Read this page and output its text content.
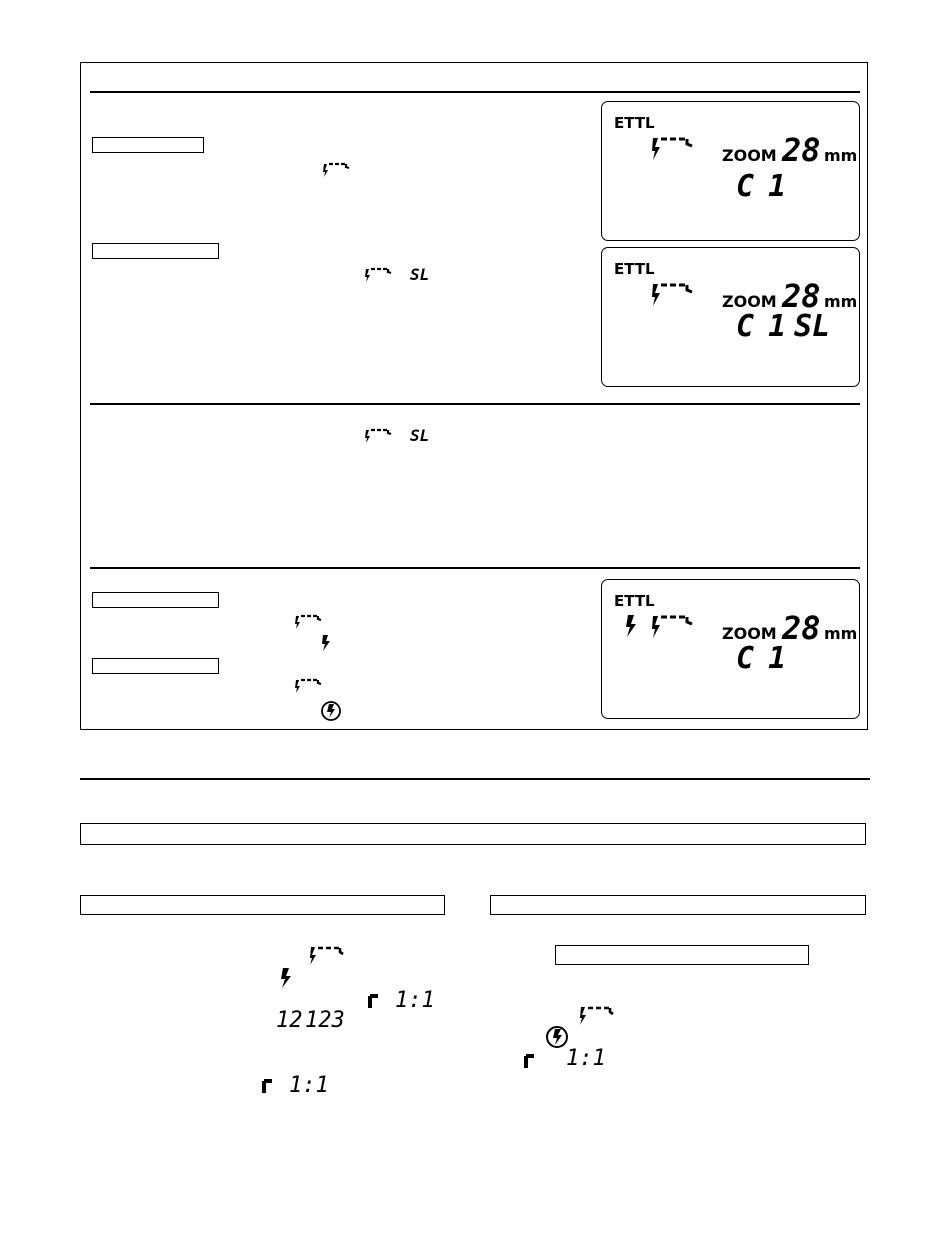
SL
SL
ETTL
ZOOM 28 mm
C 1
ETTL
ZOOM 28 mm
C 1 SL
ETTL
ZOOM 28 mm
C 1
12 123
1:1
1:1
1:1
